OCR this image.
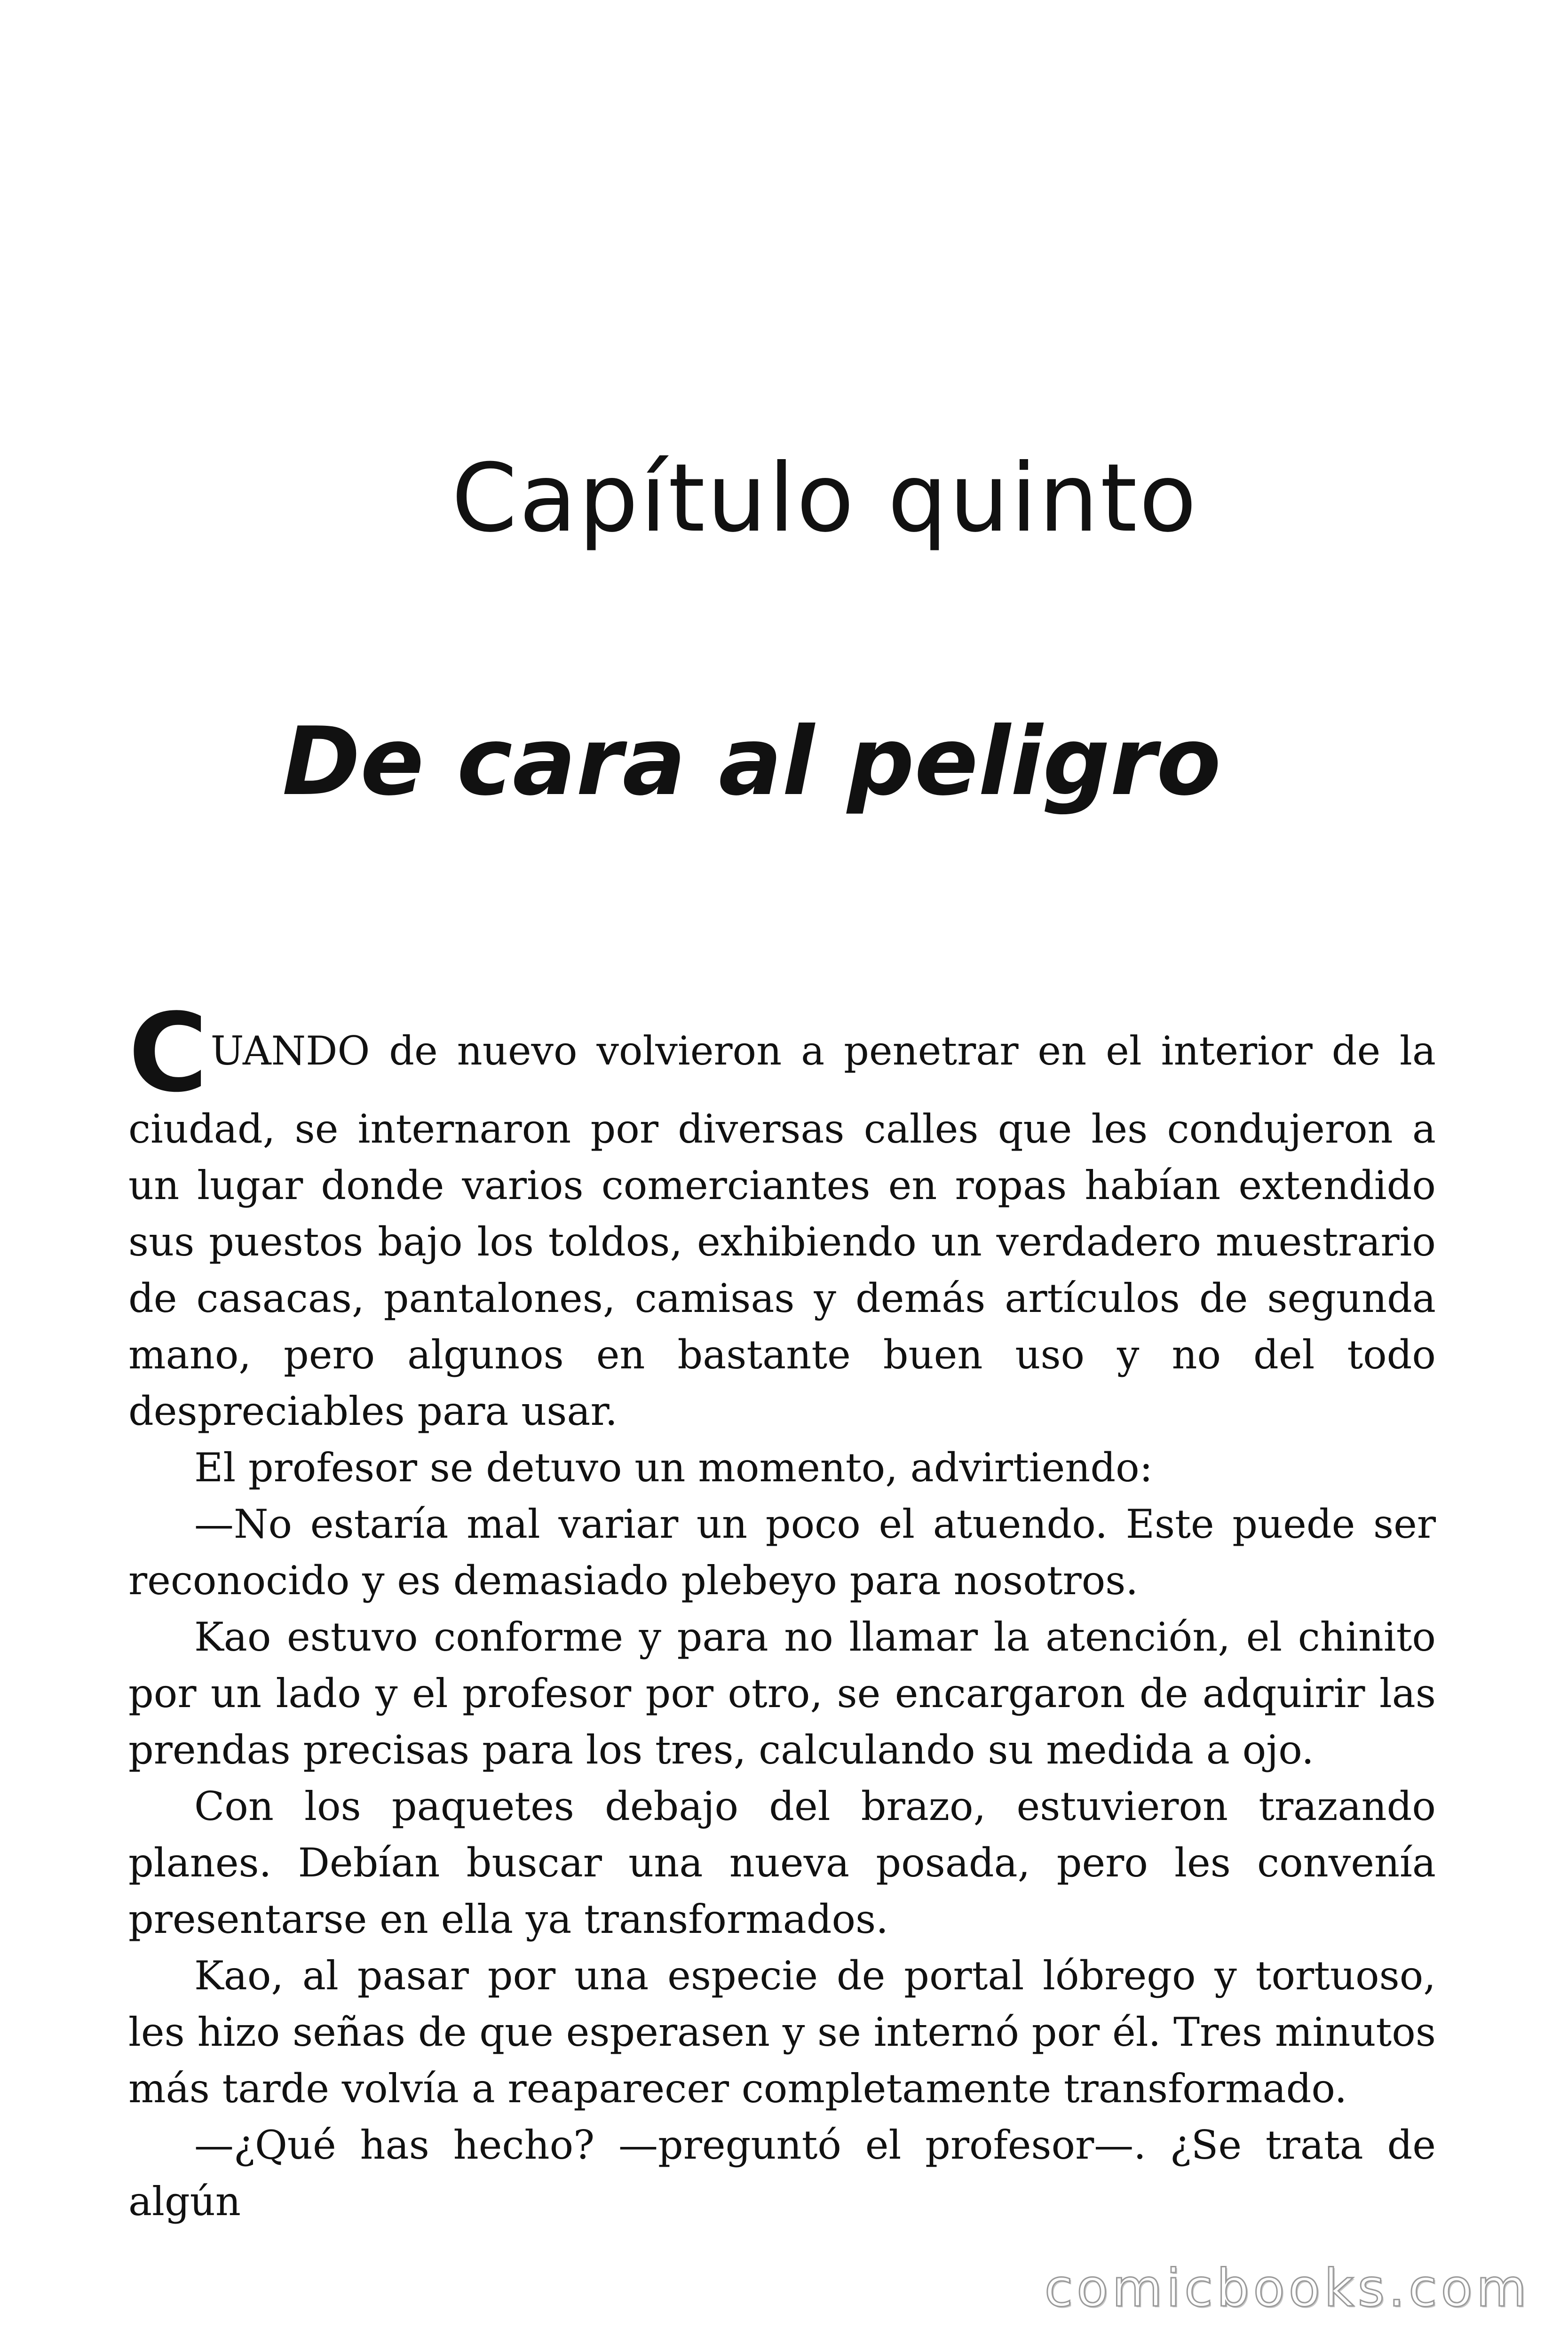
Capítulo quinto
De cara al peligro
CUANDO de nuevo volvieron a penetrar en el interior de la

ciudad, se internaron por diversas calles que les condujeron a un lugar donde varios comerciantes en ropas habían extendido sus puestos bajo los toldos, exhibiendo un verdadero muestrario de casacas, pantalones, camisas y demás artículos de segunda mano, pero algunos en bastante buen uso y no del todo despreciables para usar.

El profesor se detuvo un momento, advirtiendo:

—No estaría mal variar un poco el atuendo. Este puede ser reconocido y es demasiado plebeyo para nosotros.

Kao estuvo conforme y para no llamar la atención, el chinito por un lado y el profesor por otro, se encargaron de adquirir las prendas precisas para los tres, calculando su medida a ojo.

Con los paquetes debajo del brazo, estuvieron trazando planes. Debían buscar una nueva posada, pero les convenía presentarse en ella ya transformados.

Kao, al pasar por una especie de portal lóbrego y tortuoso, les hizo señas de que esperasen y se internó por él. Tres minutos más tarde volvía a reaparecer completamente transformado.

—¿Qué has hecho? —preguntó el profesor—. ¿Se trata de algún

comicbooks.com
